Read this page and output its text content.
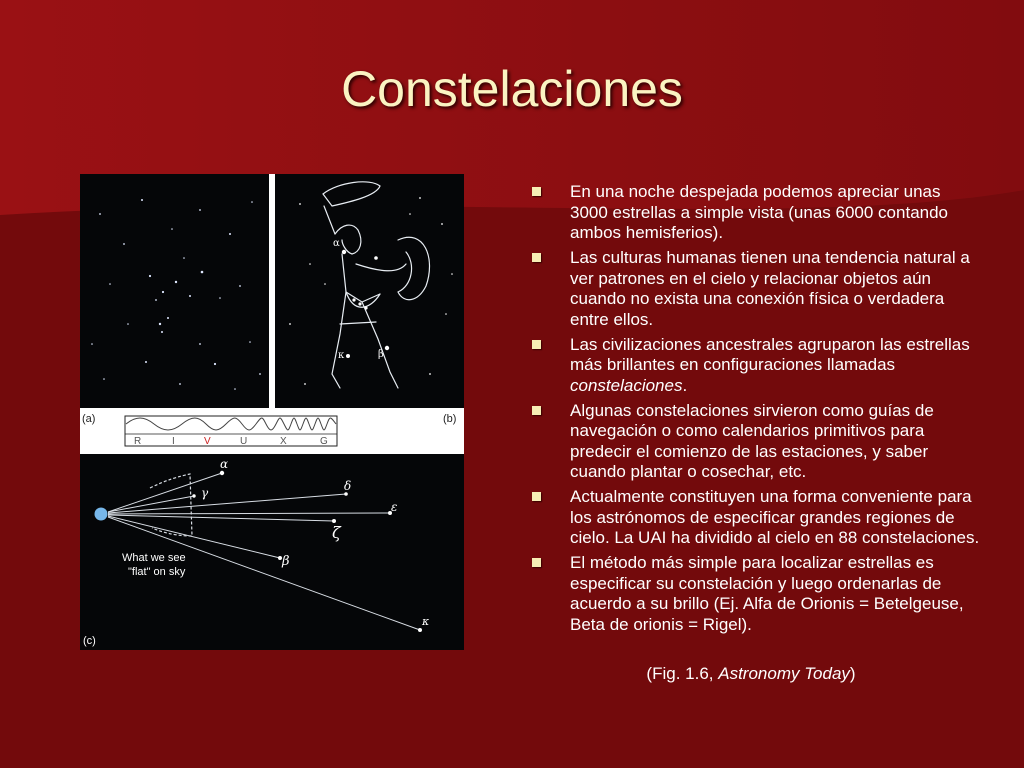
Constelaciones
α
κ	β
(a)	(b)
R	I	V	U	X	G
α
γ	δ
ε
ζ
β
κ
What we see
"flat" on sky
(c)
En una noche despejada podemos apreciar unas 3000 estrellas a simple vista (unas 6000 contando ambos hemisferios).
Las culturas humanas tienen una tendencia natural a ver patrones en el cielo y relacionar objetos aún cuando no exista una conexión física o verdadera entre ellos.
Las civilizaciones ancestrales agruparon las estrellas más brillantes en configuraciones llamadas constelaciones.
Algunas constelaciones sirvieron como guías de navegación o como calendarios primitivos para predecir el comienzo de las estaciones, y saber cuando plantar o cosechar, etc.
Actualmente constituyen una forma conveniente para los astrónomos de especificar grandes regiones de cielo. La UAI ha dividido al cielo en 88 constelaciones.
El método más simple para localizar estrellas es especificar su constelación y luego ordenarlas de acuerdo a su brillo (Ej. Alfa de Orionis = Betelgeuse, Beta de orionis = Rigel).
(Fig. 1.6, Astronomy Today)
